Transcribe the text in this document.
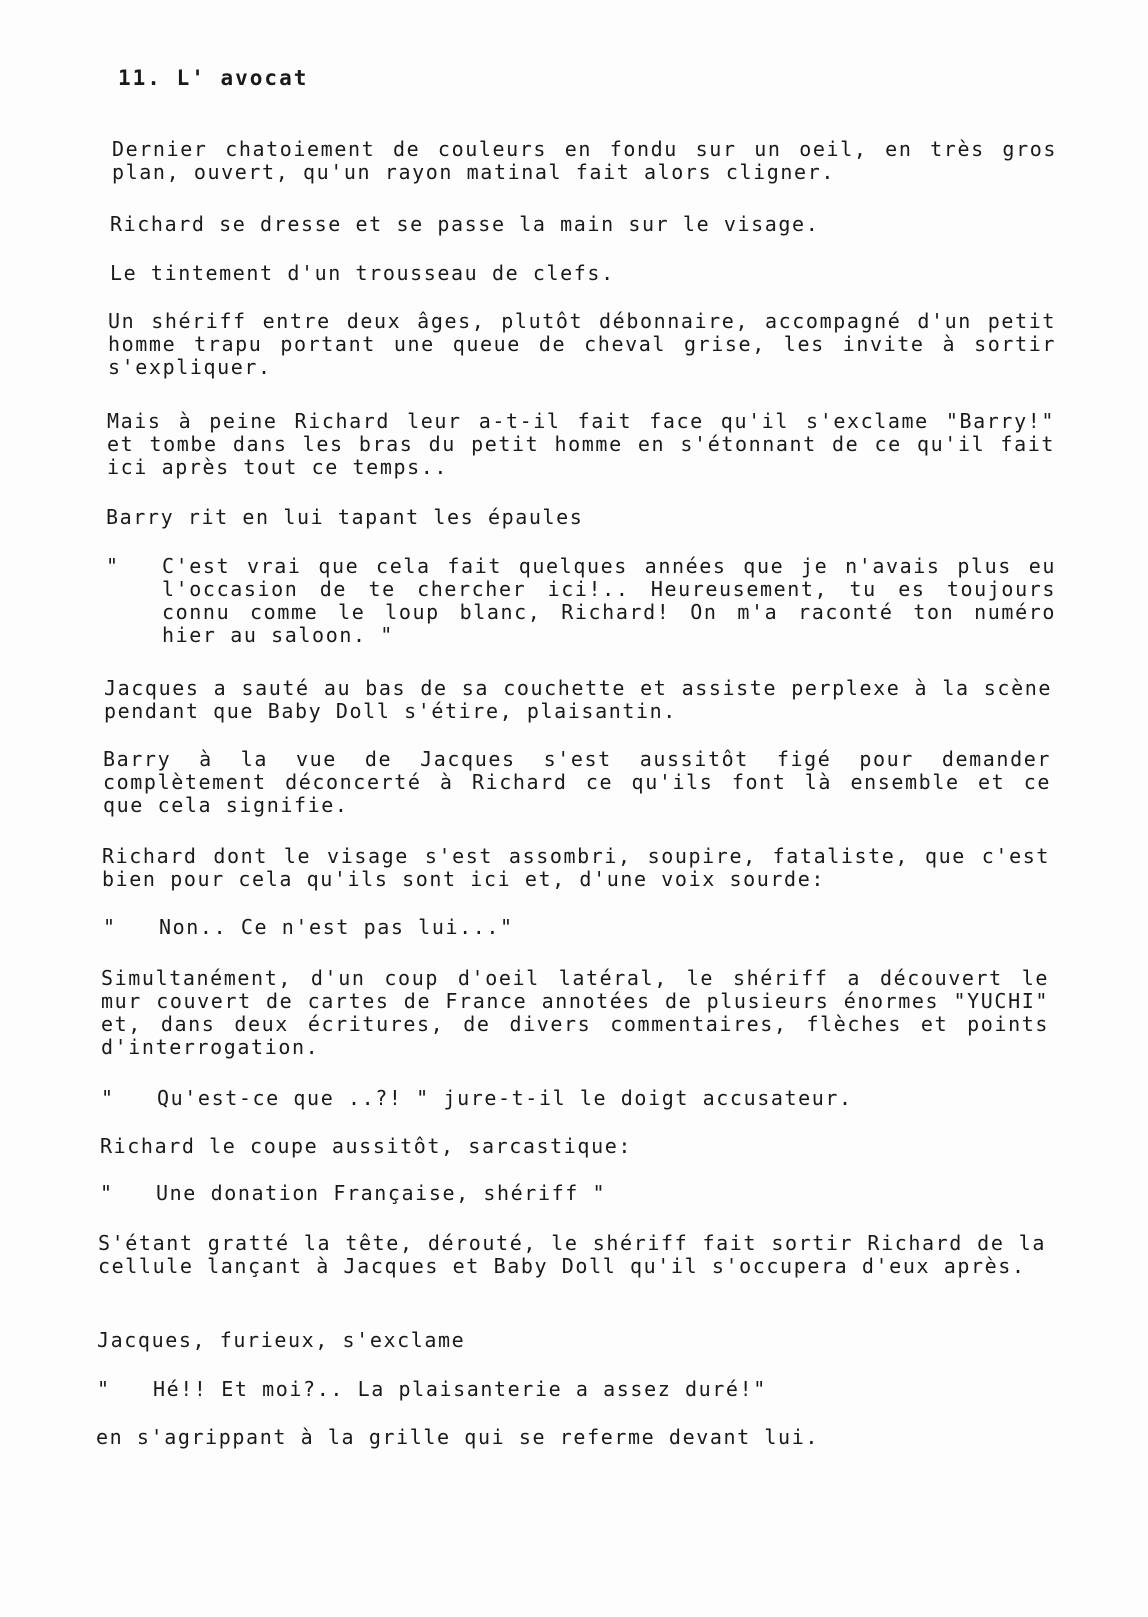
11. L' avocat

Dernier chatoiement de couleurs en fondu sur un oeil, en très gros plan, ouvert, qu'un rayon matinal fait alors cligner.

Richard se dresse et se passe la main sur le visage.

Le tintement d'un trousseau de clefs.

Un shériff entre deux âges, plutôt débonnaire, accompagné d'un petit homme trapu portant une queue de cheval grise, les invite à sortir s'expliquer.

Mais à peine Richard leur a-t-il fait face qu'il s'exclame "Barry!" et tombe dans les bras du petit homme en s'étonnant de ce qu'il fait ici après tout ce temps..

Barry rit en lui tapant les épaules

" C'est vrai que cela fait quelques années que je n'avais plus eu l'occasion de te chercher ici!.. Heureusement, tu es toujours connu comme le loup blanc, Richard! On m'a raconté ton numéro hier au saloon. "

Jacques a sauté au bas de sa couchette et assiste perplexe à la scène pendant que Baby Doll s'étire, plaisantin.

Barry à la vue de Jacques s'est aussitôt figé pour demander complètement déconcerté à Richard ce qu'ils font là ensemble et ce que cela signifie.

Richard dont le visage s'est assombri, soupire, fataliste, que c'est bien pour cela qu'ils sont ici et, d'une voix sourde:

" Non.. Ce n'est pas lui..."

Simultanément, d'un coup d'oeil latéral, le shériff a découvert le mur couvert de cartes de France annotées de plusieurs énormes "YUCHI" et, dans deux écritures, de divers commentaires, flèches et points d'interrogation.

" Qu'est-ce que ..?! " jure-t-il le doigt accusateur.

Richard le coupe aussitôt, sarcastique:

" Une donation Française, shériff "

S'étant gratté la tête, dérouté, le shériff fait sortir Richard de la cellule lançant à Jacques et Baby Doll qu'il s'occupera d'eux après.

Jacques, furieux, s'exclame

" Hé!! Et moi?.. La plaisanterie a assez duré!"

en s'agrippant à la grille qui se referme devant lui.
